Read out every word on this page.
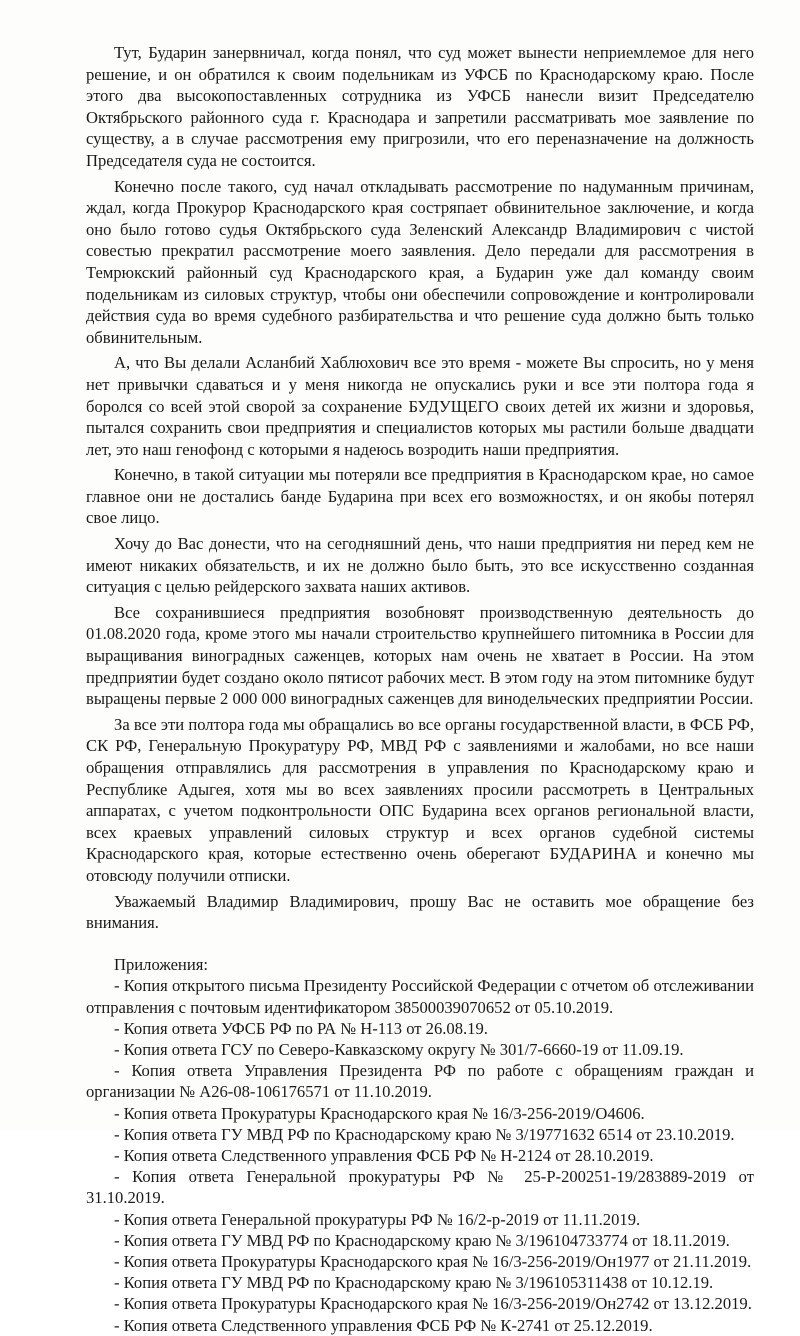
Тут, Бударин занервничал, когда понял, что суд может вынести неприемлемое для него решение, и он обратился к своим подельникам из УФСБ по Краснодарскому краю. После этого два высокопоставленных сотрудника из УФСБ нанесли визит Председателю Октябрьского районного суда г. Краснодара и запретили рассматривать мое заявление по существу, а в случае рассмотрения ему пригрозили, что его переназначение на должность Председателя суда не состоится.

Конечно после такого, суд начал откладывать рассмотрение по надуманным причинам, ждал, когда Прокурор Краснодарского края состряпает обвинительное заключение, и когда оно было готово судья Октябрьского суда Зеленский Александр Владимирович с чистой совестью прекратил рассмотрение моего заявления. Дело передали для рассмотрения в Темрюкский районный суд Краснодарского края, а Бударин уже дал команду своим подельникам из силовых структур, чтобы они обеспечили сопровождение и контролировали действия суда во время судебного разбирательства и что решение суда должно быть только обвинительным.

А, что Вы делали Асланбий Хаблюхович все это время - можете Вы спросить, но у меня нет привычки сдаваться и у меня никогда не опускались руки и все эти полтора года я боролся со всей этой сворой за сохранение БУДУЩЕГО своих детей их жизни и здоровья, пытался сохранить свои предприятия и специалистов которых мы растили больше двадцати лет, это наш генофонд с которыми я надеюсь возродить наши предприятия.

Конечно, в такой ситуации мы потеряли все предприятия в Краснодарском крае, но самое главное они не достались банде Бударина при всех его возможностях, и он якобы потерял свое лицо.

Хочу до Вас донести, что на сегодняшний день, что наши предприятия ни перед кем не имеют никаких обязательств, и их не должно было быть, это все искусственно созданная ситуация с целью рейдерского захвата наших активов.

Все сохранившиеся предприятия возобновят производственную деятельность до 01.08.2020 года, кроме этого мы начали строительство крупнейшего питомника в России для выращивания виноградных саженцев, которых нам очень не хватает в России. На этом предприятии будет создано около пятисот рабочих мест. В этом году на этом питомнике будут выращены первые 2 000 000 виноградных саженцев для винодельческих предприятии России.

За все эти полтора года мы обращались во все органы государственной власти, в ФСБ РФ, СК РФ, Генеральную Прокуратуру РФ, МВД РФ с заявлениями и жалобами, но все наши обращения отправлялись для рассмотрения в управления по Краснодарскому краю и Республике Адыгея, хотя мы во всех заявлениях просили рассмотреть в Центральных аппаратах, с учетом подконтрольности ОПС Бударина всех органов региональной власти, всех краевых управлений силовых структур и всех органов судебной системы Краснодарского края, которые естественно очень оберегают БУДАРИНА и конечно мы отовсюду получили отписки.

Уважаемый Владимир Владимирович, прошу Вас не оставить мое обращение без внимания.

Приложения:

- Копия открытого письма Президенту Российской Федерации с отчетом об отслеживании отправления с почтовым идентификатором 38500039070652 от 05.10.2019.
- Копия ответа УФСБ РФ по РА № Н-113 от 26.08.19.
- Копия ответа ГСУ по Северо-Кавказскому округу № 301/7-6660-19 от 11.09.19.
- Копия ответа Управления Президента РФ по работе с обращениям граждан и организации № А26-08-106176571 от 11.10.2019.
- Копия ответа Прокуратуры Краснодарского края № 16/3-256-2019/О4606.
- Копия ответа ГУ МВД РФ по Краснодарскому краю № 3/19771632 6514 от 23.10.2019.
- Копия ответа Следственного управления ФСБ РФ № Н-2124 от 28.10.2019.
- Копия ответа Генеральной прокуратуры РФ № 25-Р-200251-19/283889-2019 от 31.10.2019.
- Копия ответа Генеральной прокуратуры РФ № 16/2-р-2019 от 11.11.2019.
- Копия ответа ГУ МВД РФ по Краснодарскому краю № 3/196104733774 от 18.11.2019.
- Копия ответа Прокуратуры Краснодарского края № 16/3-256-2019/Он1977 от 21.11.2019.
- Копия ответа ГУ МВД РФ по Краснодарскому краю № 3/196105311438 от 10.12.19.
- Копия ответа Прокуратуры Краснодарского края № 16/3-256-2019/Он2742 от 13.12.2019.
- Копия ответа Следственного управления ФСБ РФ № К-2741 от 25.12.2019.
